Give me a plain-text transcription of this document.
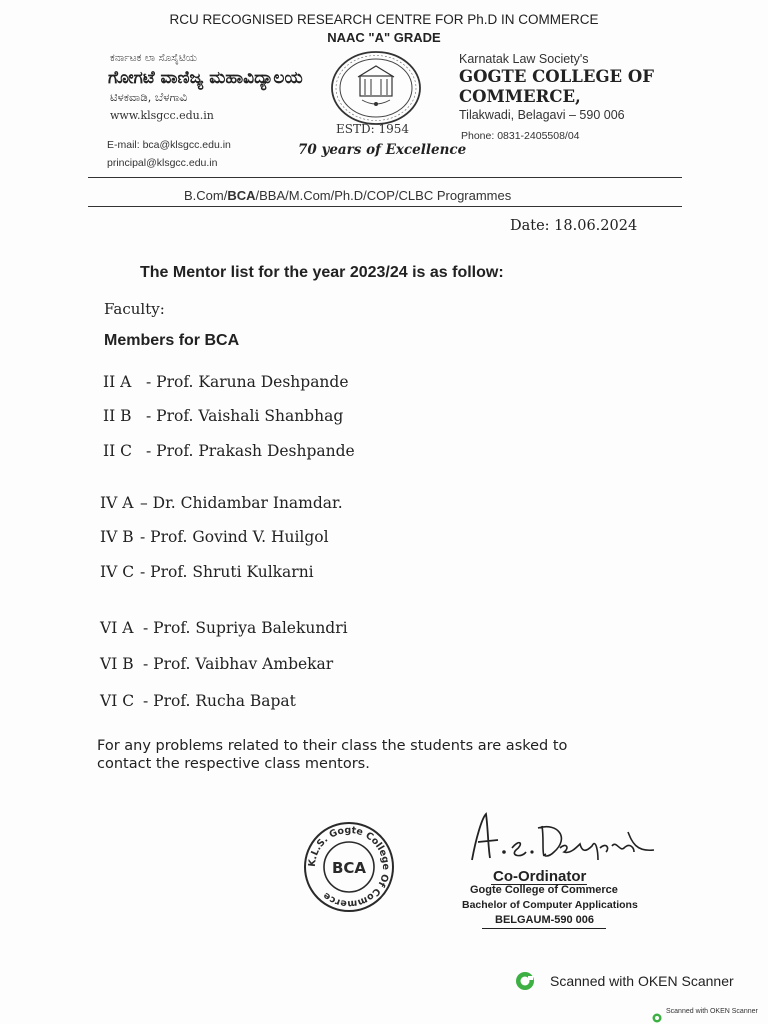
RCU RECOGNISED RESEARCH CENTRE FOR Ph.D IN COMMERCE
NAAC "A" GRADE
ಕರ್ನಾಟಕ ಲಾ ಸೊಸೈಟಿಯ
ಗೋಗಟೆ ವಾಣಿಜ್ಯ ಮಹಾವಿದ್ಯಾಲಯ
ಟಿಳಕವಾಡಿ, ಬೆಳಗಾವಿ
www.klsgcc.edu.in
E-mail: bca@klsgcc.edu.in
principal@klsgcc.edu.in
ESTD: 1954
70 years of Excellence
Karnatak Law Society's
GOGTE COLLEGE OF
COMMERCE,
Tilakwadi, Belagavi – 590 006
Phone: 0831-2405508/04
B.Com/BCA/BBA/M.Com/Ph.D/COP/CLBC Programmes
Date: 18.06.2024
The Mentor list for the year 2023/24 is as follow:
Faculty:
Members for BCA
II A - Prof. Karuna Deshpande
II B - Prof. Vaishali Shanbhag
II C - Prof. Prakash Deshpande
IV A – Dr. Chidambar Inamdar.
IV B - Prof. Govind V. Huilgol
IV C - Prof. Shruti Kulkarni
VI A - Prof. Supriya Balekundri
VI B - Prof. Vaibhav Ambekar
VI C - Prof. Rucha Bapat
For any problems related to their class the students are asked to
contact the respective class mentors.
K.L.S. Gogte College Of Commerce
BCA	Co-Ordinator
Gogte College of Commerce
Bachelor of Computer Applications
BELGAUM-590 006
Scanned with OKEN Scanner
Scanned with OKEN Scanner
